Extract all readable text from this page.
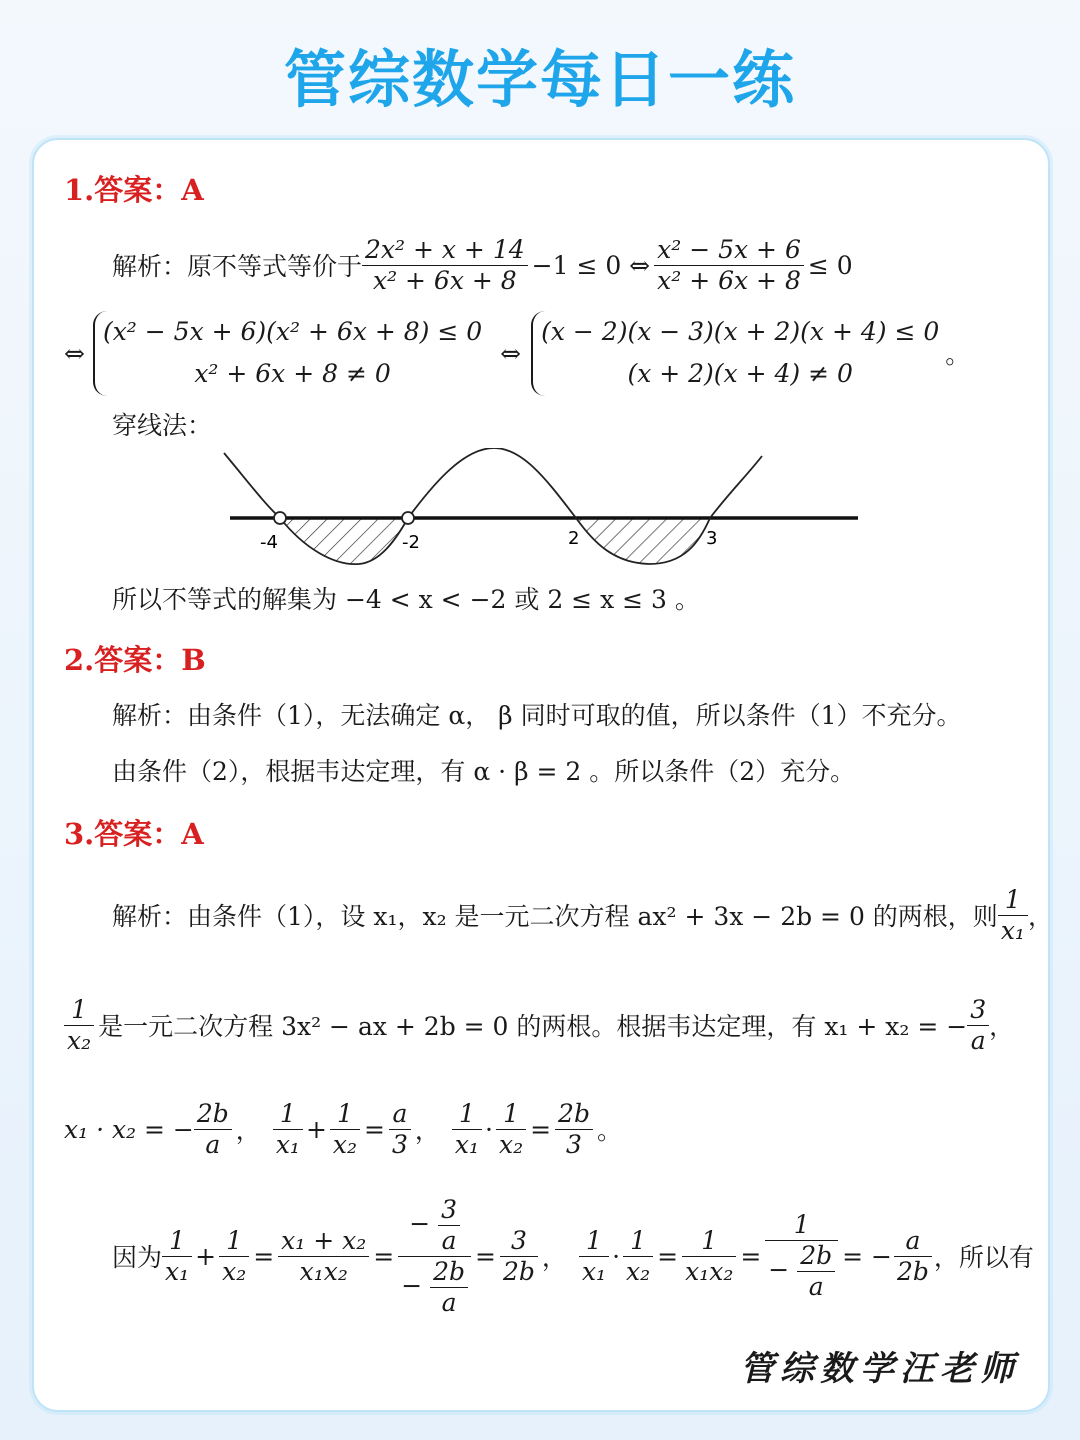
管综数学每日一练
1.答案：A
解析：原不等式等价于 $\frac{\text{2x² + x + 14}}{\text{x² + 6x + 8}} -1 \le 0$ ⇔ $\frac{\text{x² − 5x + 6}}{\text{x² + 6x + 8}} \le 0$
⇔
(x² − 5x + 6)(x² + 6x + 8) ≤ 0
x² + 6x + 8 ≠ 0
⇔
(x − 2)(x − 3)(x + 2)(x + 4) ≤ 0
(x + 2)(x + 4) ≠ 0
。
穿线法：
-4	-2	2	3
所以不等式的解集为 −4 < x < −2 或 2 ≤ x ≤ 3 。
2.答案：B
解析：由条件（1），无法确定 α， β 同时可取的值，所以条件（1）不充分。
由条件（2），根据韦达定理，有 α · β = 2 。所以条件（2）充分。
3.答案：A
解析：由条件（1），设 x₁，x₂ 是一元二次方程 ax² + 3x − 2b = 0 的两根，则 $\frac{1}{\text{x₁}}$ ，
$\frac{1}{\text{x₂}}$ 是一元二次方程 3x² − ax + 2b = 0 的两根。根据韦达定理，有 x₁ + x₂ = − $\frac{3}{a}$ ，
x₁ · x₂ = − $\frac{2b}{a}$ ， $\frac{1}{\text{x₁}} + \frac{1}{\text{x₂}} = \frac{a}{3}$ ， $\frac{1}{\text{x₁}} \cdot \frac{1}{\text{x₂}} = \frac{2b}{3}$ 。
因为 $\frac{1}{\text{x₁}} + \frac{1}{\text{x₂}} = \frac{\text{x₁ + x₂}}{\text{x₁x₂}} = \frac{- \frac{3}{a}}{- \frac{2b}{a}} = \frac{3}{2b}$ ， $\frac{1}{\text{x₁}} \cdot \frac{1}{\text{x₂}} = \frac{1}{\text{x₁x₂}} = \frac{1}{- \frac{2b}{a}}$ = − $\frac{a}{2b}$ ，所以有
管综数学汪老师
